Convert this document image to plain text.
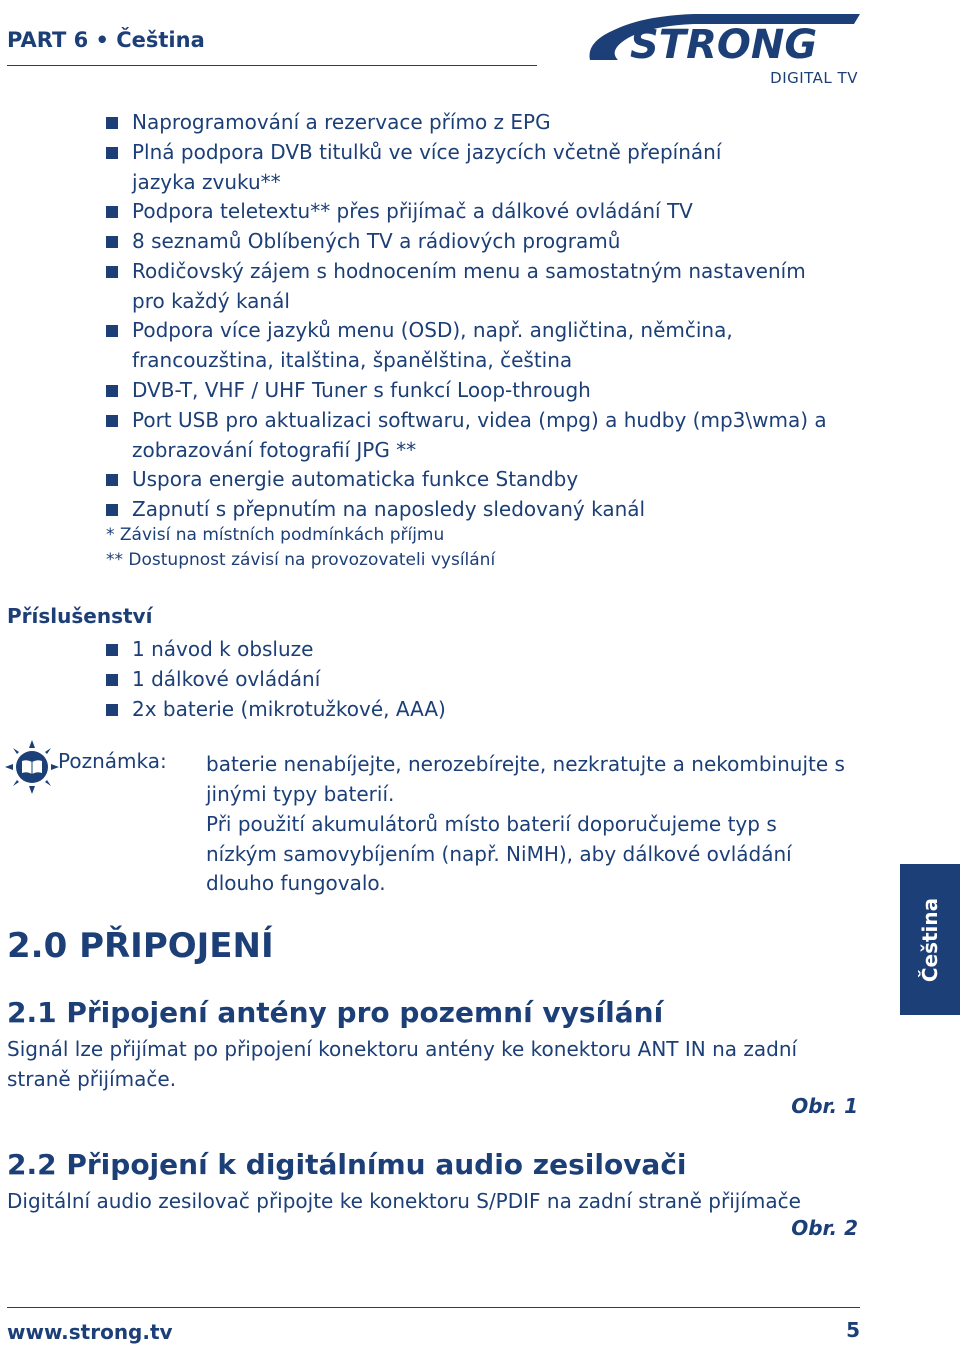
PART 6 • Čeština	STRONG
DIGITAL TV
Naprogramování a rezervace přímo z EPG
Plná podpora DVB titulků ve více jazycích včetně přepínání
jazyka zvuku**
Podpora teletextu** přes přijímač a dálkové ovládání TV
8 seznamů Oblíbených TV a rádiových programů
Rodičovský zájem s hodnocením menu a samostatným nastavením
pro každý kanál
Podpora více jazyků menu (OSD), např. angličtina, němčina,
francouzština, italština, španělština, čeština
DVB-T, VHF / UHF Tuner s funkcí Loop-through
Port USB pro aktualizaci softwaru, videa (mpg) a hudby (mp3\wma) a
zobrazování fotografií JPG **
Uspora energie automaticka funkce Standby
Zapnutí s přepnutím na naposledy sledovaný kanál
* Závisí na místních podmínkách příjmu
** Dostupnost závisí na provozovateli vysílání
Příslušenství
1 návod k obsluze
1 dálkové ovládání
2x baterie (mikrotužkové, AAA)
Poznámka: baterie nenabíjejte, nerozebírejte, nezkratujte a nekombinujte s
jinými typy baterií.
Při použití akumulátorů místo baterií doporučujeme typ s
nízkým samovybíjením (např. NiMH), aby dálkové ovládání
dlouho fungovalo.
2.0 PŘIPOJENÍ
2.1 Připojení antény pro pozemní vysílání
Signál lze přijímat po připojení konektoru antény ke konektoru ANT IN na zadní
straně přijímače.
Obr. 1
2.2 Připojení k digitálnímu audio zesilovači
Digitální audio zesilovač připojte ke konektoru S/PDIF na zadní straně přijímače
Obr. 2
Čeština
www.strong.tv	5
